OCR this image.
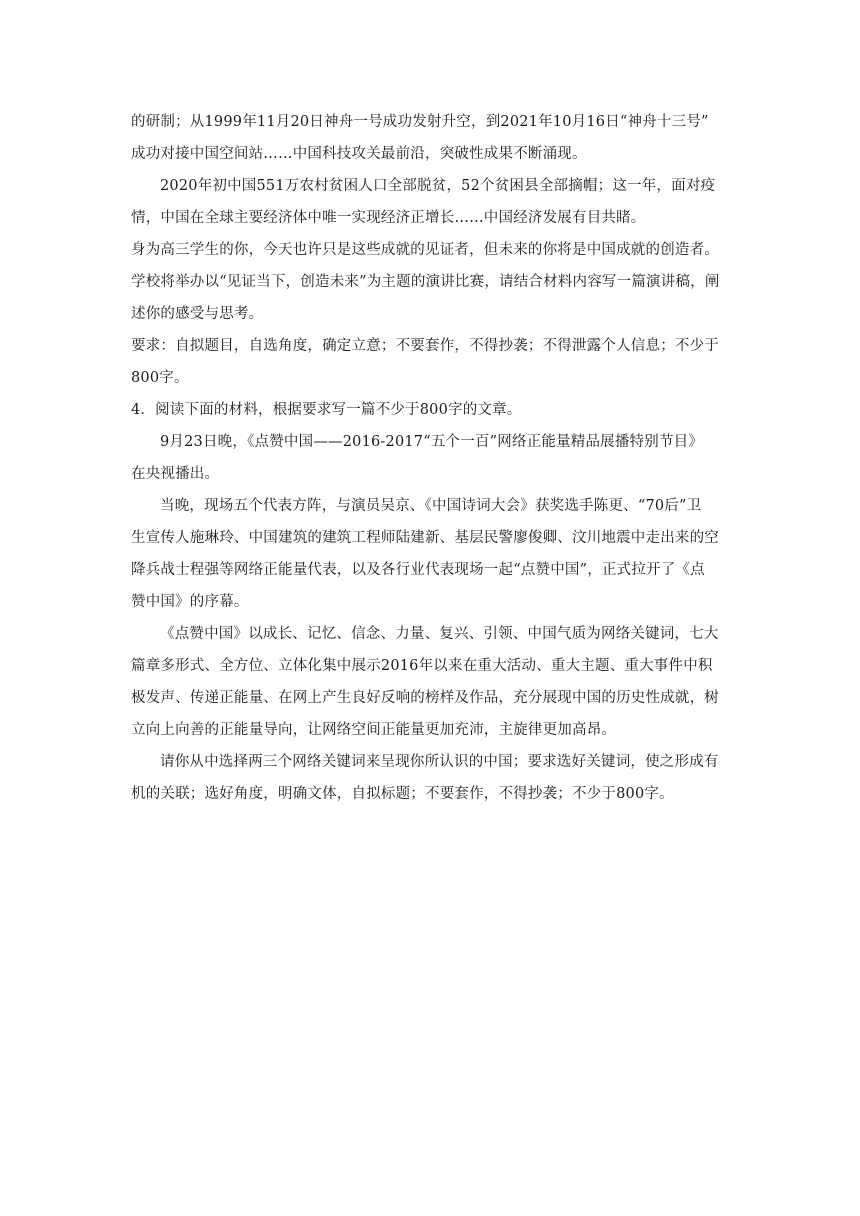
的研制；从1999年11月20日神舟一号成功发射升空，到2021年10月16日“神舟十三号”
成功对接中国空间站……中国科技攻关最前沿，突破性成果不断涌现。
2020年初中国551万农村贫困人口全部脱贫，52个贫困县全部摘帽；这一年，面对疫
情，中国在全球主要经济体中唯一实现经济正增长……中国经济发展有目共睹。
身为高三学生的你，今天也许只是这些成就的见证者，但未来的你将是中国成就的创造者。
学校将举办以“见证当下，创造未来”为主题的演讲比赛，请结合材料内容写一篇演讲稿，阐
述你的感受与思考。
要求：自拟题目，自选角度，确定立意；不要套作，不得抄袭；不得泄露个人信息；不少于
800字。
4．阅读下面的材料，根据要求写一篇不少于800字的文章。
9月23日晚，《点赞中国——2016-2017“五个一百”网络正能量精品展播特别节目》
在央视播出。
当晚，现场五个代表方阵，与演员吴京、《中国诗词大会》获奖选手陈更、“70后”卫
生宣传人施琳玲、中国建筑的建筑工程师陆建新、基层民警廖俊卿、汶川地震中走出来的空
降兵战士程强等网络正能量代表，以及各行业代表现场一起“点赞中国”，正式拉开了《点
赞中国》的序幕。
《点赞中国》以成长、记忆、信念、力量、复兴、引领、中国气质为网络关键词，七大
篇章多形式、全方位、立体化集中展示2016年以来在重大活动、重大主题、重大事件中积
极发声、传递正能量、在网上产生良好反响的榜样及作品，充分展现中国的历史性成就，树
立向上向善的正能量导向，让网络空间正能量更加充沛，主旋律更加高昂。
请你从中选择两三个网络关键词来呈现你所认识的中国；要求选好关键词，使之形成有
机的关联；选好角度，明确文体，自拟标题；不要套作，不得抄袭；不少于800字。
